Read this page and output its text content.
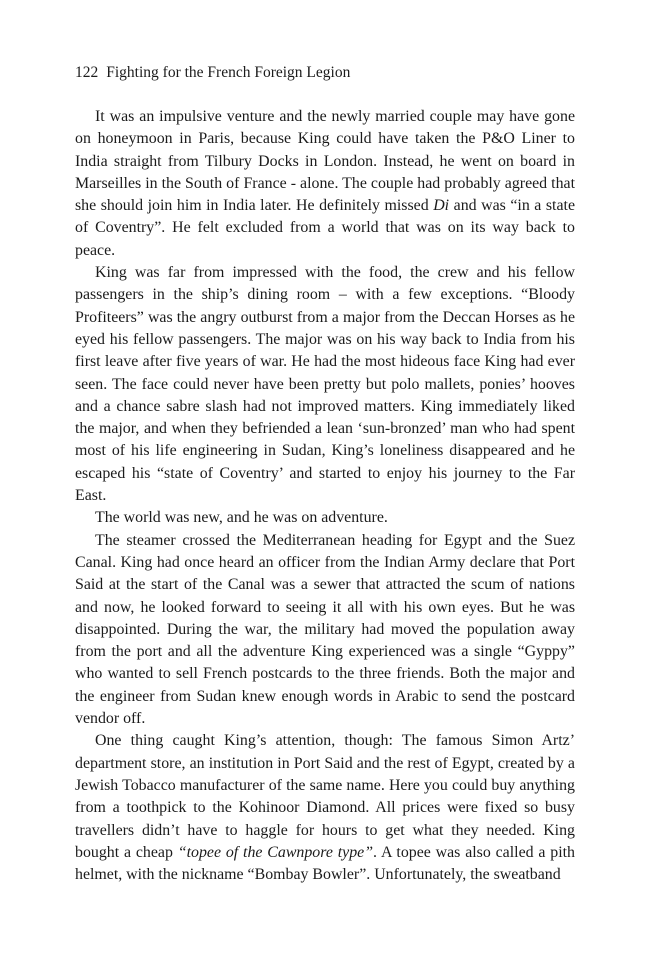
122 Fighting for the French Foreign Legion

It was an impulsive venture and the newly married couple may have gone on honeymoon in Paris, because King could have taken the P&O Liner to India straight from Tilbury Docks in London. Instead, he went on board in Marseilles in the South of France - alone. The couple had probably agreed that she should join him in India later. He definitely missed Di and was “in a state of Coventry”. He felt excluded from a world that was on its way back to peace.

King was far from impressed with the food, the crew and his fellow passengers in the ship’s dining room – with a few exceptions. “Bloody Profiteers” was the angry outburst from a major from the Deccan Horses as he eyed his fellow passengers. The major was on his way back to India from his first leave after five years of war. He had the most hideous face King had ever seen. The face could never have been pretty but polo mallets, ponies’ hooves and a chance sabre slash had not improved matters. King immediately liked the major, and when they befriended a lean ‘sun-bronzed’ man who had spent most of his life engineering in Sudan, King’s loneliness disappeared and he escaped his “state of Coventry’ and started to enjoy his journey to the Far East.

The world was new, and he was on adventure.

The steamer crossed the Mediterranean heading for Egypt and the Suez Canal. King had once heard an officer from the Indian Army declare that Port Said at the start of the Canal was a sewer that attracted the scum of nations and now, he looked forward to seeing it all with his own eyes. But he was disappointed. During the war, the military had moved the population away from the port and all the adventure King experienced was a single “Gyppy” who wanted to sell French postcards to the three friends. Both the major and the engineer from Sudan knew enough words in Arabic to send the postcard vendor off.

One thing caught King’s attention, though: The famous Simon Artz’ department store, an institution in Port Said and the rest of Egypt, created by a Jewish Tobacco manufacturer of the same name. Here you could buy anything from a toothpick to the Kohinoor Diamond. All prices were fixed so busy travellers didn’t have to haggle for hours to get what they needed. King bought a cheap “topee of the Cawnpore type”. A topee was also called a pith helmet, with the nickname “Bombay Bowler”. Unfortunately, the sweatband
